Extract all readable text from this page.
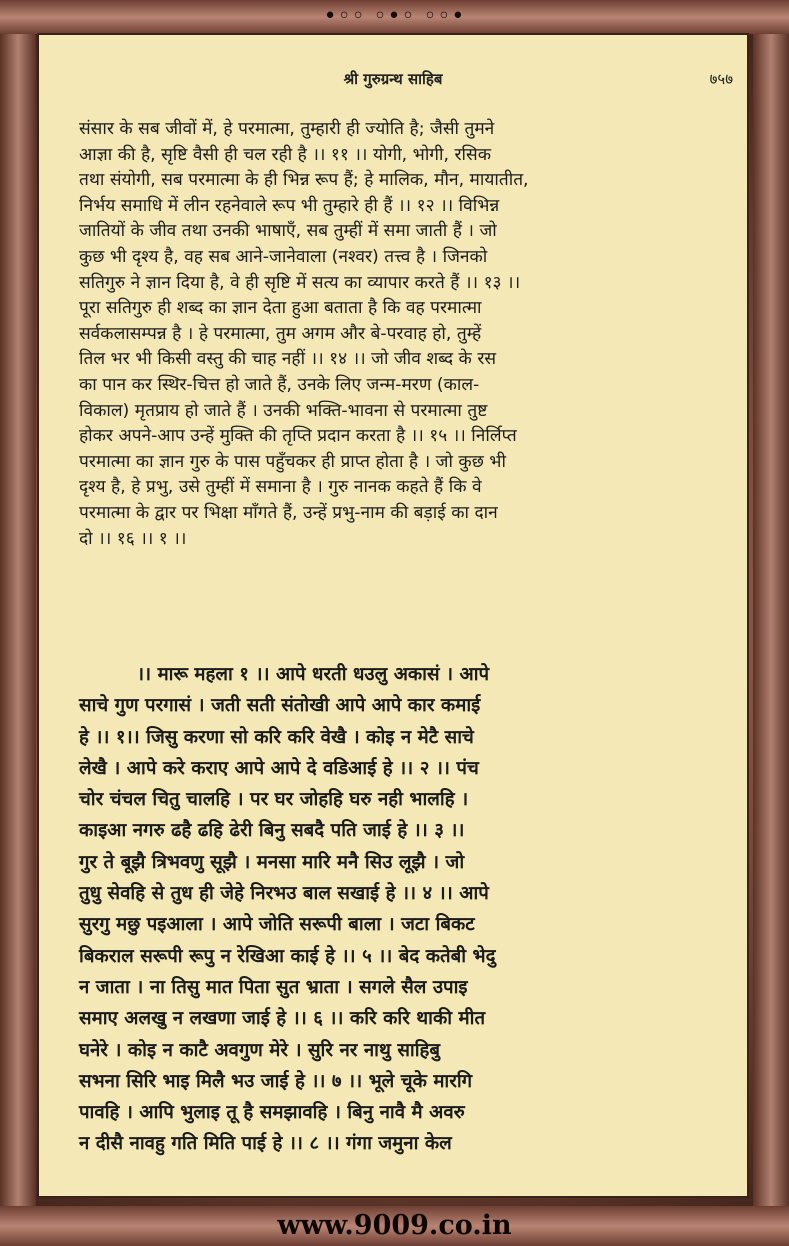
•◦◦ ◦•◦ ◦◦•
श्री गुरुग्रन्थ साहिब	७५७
संसार के सब जीवों में, हे परमात्मा, तुम्हारी ही ज्योति है; जैसी तुमने
आज्ञा की है, सृष्टि वैसी ही चल रही है ।। ११ ।। योगी, भोगी, रसिक
तथा संयोगी, सब परमात्मा के ही भिन्न रूप हैं; हे मालिक, मौन, मायातीत,
निर्भय समाधि में लीन रहनेवाले रूप भी तुम्हारे ही हैं ।। १२ ।। विभिन्न
जातियों के जीव तथा उनकी भाषाएँ, सब तुम्हीं में समा जाती हैं । जो
कुछ भी दृश्य है, वह सब आने-जानेवाला (नश्वर) तत्त्व है । जिनको
सतिगुरु ने ज्ञान दिया है, वे ही सृष्टि में सत्य का व्यापार करते हैं ।। १३ ।।
पूरा सतिगुरु ही शब्द का ज्ञान देता हुआ बताता है कि वह परमात्मा
सर्वकलासम्पन्न है । हे परमात्मा, तुम अगम और बे-परवाह हो, तुम्हें
तिल भर भी किसी वस्तु की चाह नहीं ।। १४ ।। जो जीव शब्द के रस
का पान कर स्थिर-चित्त हो जाते हैं, उनके लिए जन्म-मरण (काल-
विकाल) मृतप्राय हो जाते हैं । उनकी भक्ति-भावना से परमात्मा तुष्ट
होकर अपने-आप उन्हें मुक्ति की तृप्ति प्रदान करता है ।। १५ ।। निर्लिप्त
परमात्मा का ज्ञान गुरु के पास पहुँचकर ही प्राप्त होता है । जो कुछ भी
दृश्य है, हे प्रभु, उसे तुम्हीं में समाना है । गुरु नानक कहते हैं कि वे
परमात्मा के द्वार पर भिक्षा माँगते हैं, उन्हें प्रभु-नाम की बड़ाई का दान
दो ।। १६ ।। १ ।।
।। मारू महला १ ।। आपे धरती धउलु अकासं । आपे
साचे गुण परगासं । जती सती संतोखी आपे आपे कार कमाई
हे ।। १।। जिसु करणा सो करि करि वेखै । कोइ न मेटै साचे
लेखै । आपे करे कराए आपे आपे दे वडिआई हे ।। २ ।। पंच
चोर चंचल चितु चालहि । पर घर जोहहि घरु नही भालहि ।
काइआ नगरु ढहै ढहि ढेरी बिनु सबदै पति जाई हे ।। ३ ।।
गुर ते बूझै त्रिभवणु सूझै । मनसा मारि मनै सिउ लूझै । जो
तुधु सेवहि से तुध ही जेहे निरभउ बाल सखाई हे ।। ४ ।। आपे
सुरगु मछु पइआला । आपे जोति सरूपी बाला । जटा बिकट
बिकराल सरूपी रूपु न रेखिआ काई हे ।। ५ ।। बेद कतेबी भेदु
न जाता । ना तिसु मात पिता सुत भ्राता । सगले सैल उपाइ
समाए अलखु न लखणा जाई हे ।। ६ ।। करि करि थाकी मीत
घनेरे । कोइ न काटै अवगुण मेरे । सुरि नर नाथु साहिबु
सभना सिरि भाइ मिलै भउ जाई हे ।। ७ ।। भूले चूके मारगि
पावहि । आपि भुलाइ तू है समझावहि । बिनु नावै मै अवरु
न दीसै नावहु गति मिति पाई हे ।। ८ ।। गंगा जमुना केल
www.9009.co.in
